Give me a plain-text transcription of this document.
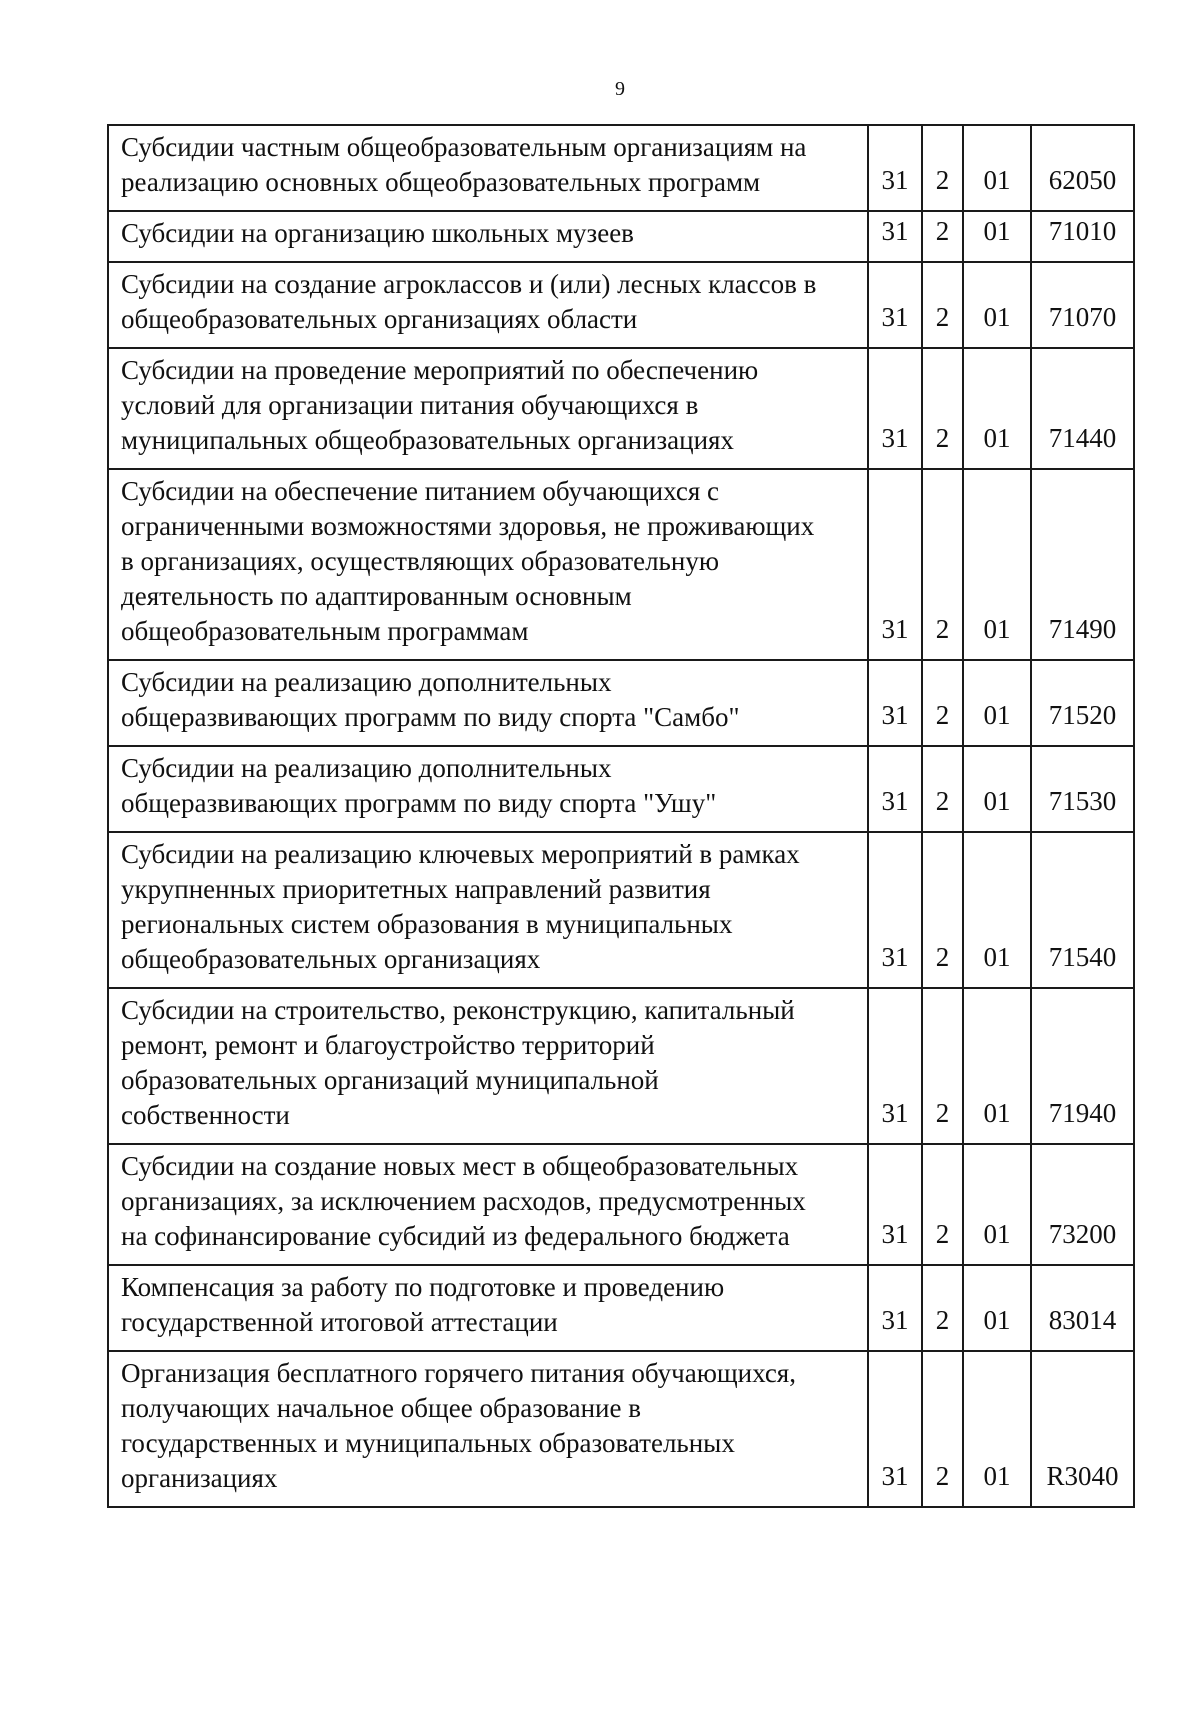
9
Субсидии частным общеобразовательным организациям на
реализацию основных общеобразовательных программ	31	2	01	62050

Субсидии на организацию школьных музеев	31	2	01	71010

Субсидии на создание агроклассов и (или) лесных классов в
общеобразовательных организациях области	31	2	01	71070

Субсидии на проведение мероприятий по обеспечению
условий для организации питания обучающихся в
муниципальных общеобразовательных организациях	31	2	01	71440

Субсидии на обеспечение питанием обучающихся с
ограниченными возможностями здоровья, не проживающих
в организациях, осуществляющих образовательную
деятельность по адаптированным основным
общеобразовательным программам	31	2	01	71490

Субсидии на реализацию дополнительных
общеразвивающих программ по виду спорта "Самбо"	31	2	01	71520

Субсидии на реализацию дополнительных
общеразвивающих программ по виду спорта "Ушу"	31	2	01	71530

Субсидии на реализацию ключевых мероприятий в рамках
укрупненных приоритетных направлений развития
региональных систем образования в муниципальных
общеобразовательных организациях	31	2	01	71540

Субсидии на строительство, реконструкцию, капитальный
ремонт, ремонт и благоустройство территорий
образовательных организаций муниципальной
собственности	31	2	01	71940

Субсидии на создание новых мест в общеобразовательных
организациях, за исключением расходов, предусмотренных
на софинансирование субсидий из федерального бюджета	31	2	01	73200

Компенсация за работу по подготовке и проведению
государственной итоговой аттестации	31	2	01	83014

Организация бесплатного горячего питания обучающихся,
получающих начальное общее образование в
государственных и муниципальных образовательных
организациях	31	2	01	R3040
